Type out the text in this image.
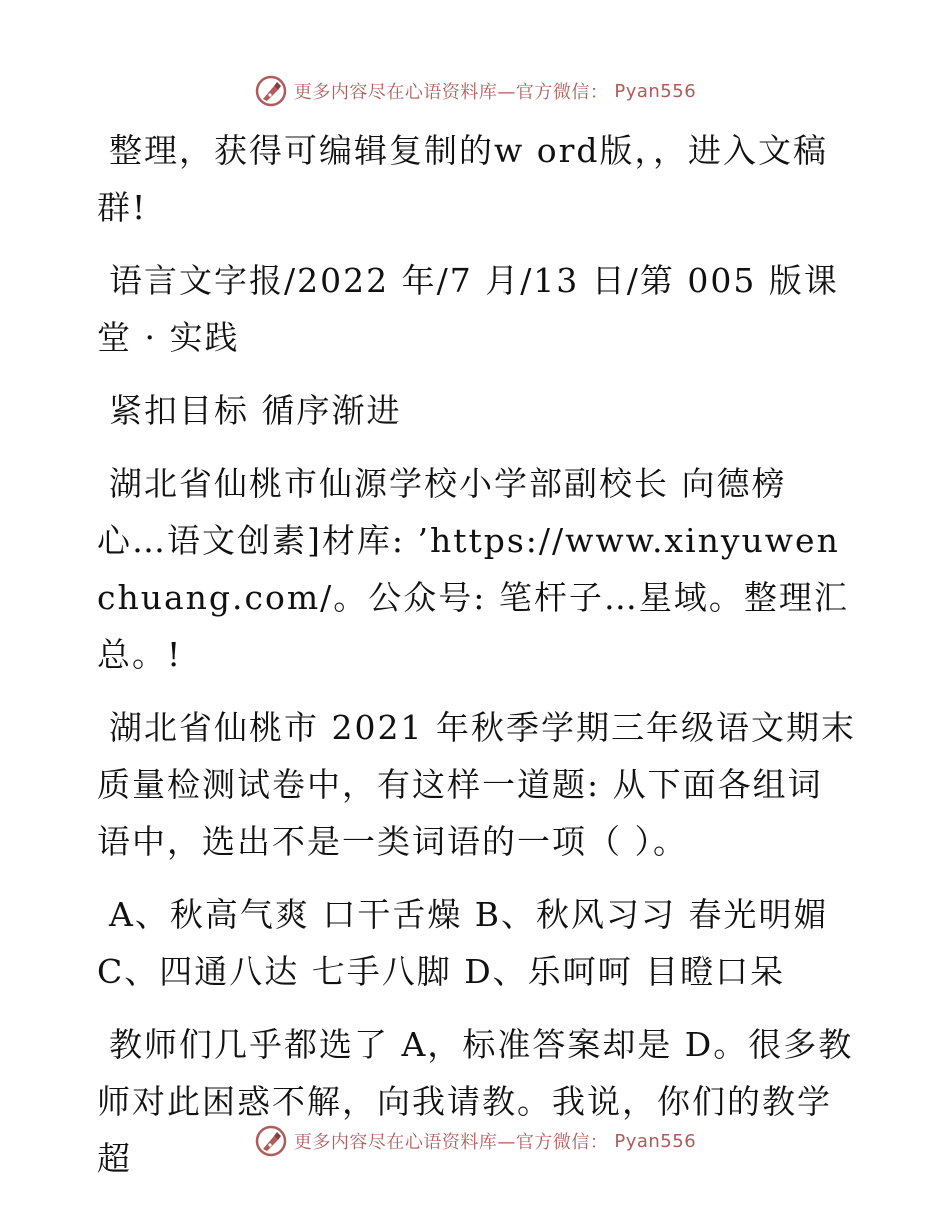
更多内容尽在心语资料库—官方微信： Pyan556

整理，获得可编辑复制的w ord版，，进入文稿群!

语言文字报/2022 年/7 月/13 日/第 005 版课堂 · 实践

紧扣目标 循序渐进

湖北省仙桃市仙源学校小学部副校长 向德榜

心…语文创素]材库: ’https://www.xinyuwenchuang.com/。公众号: 笔杆子…星域。整理汇总。!

湖北省仙桃市 2021 年秋季学期三年级语文期末质量检测试卷中，有这样一道题: 从下面各组词语中，选出不是一类词语的一项（ ）。

A、秋高气爽 口干舌燥 B、秋风习习 春光明媚

C、四通八达 七手八脚 D、乐呵呵 目瞪口呆

教师们几乎都选了 A，标准答案却是 D。很多教师对此困惑不解，向我请教。我说，你们的教学超	更多内容尽在心语资料库—官方微信： Pyan556
